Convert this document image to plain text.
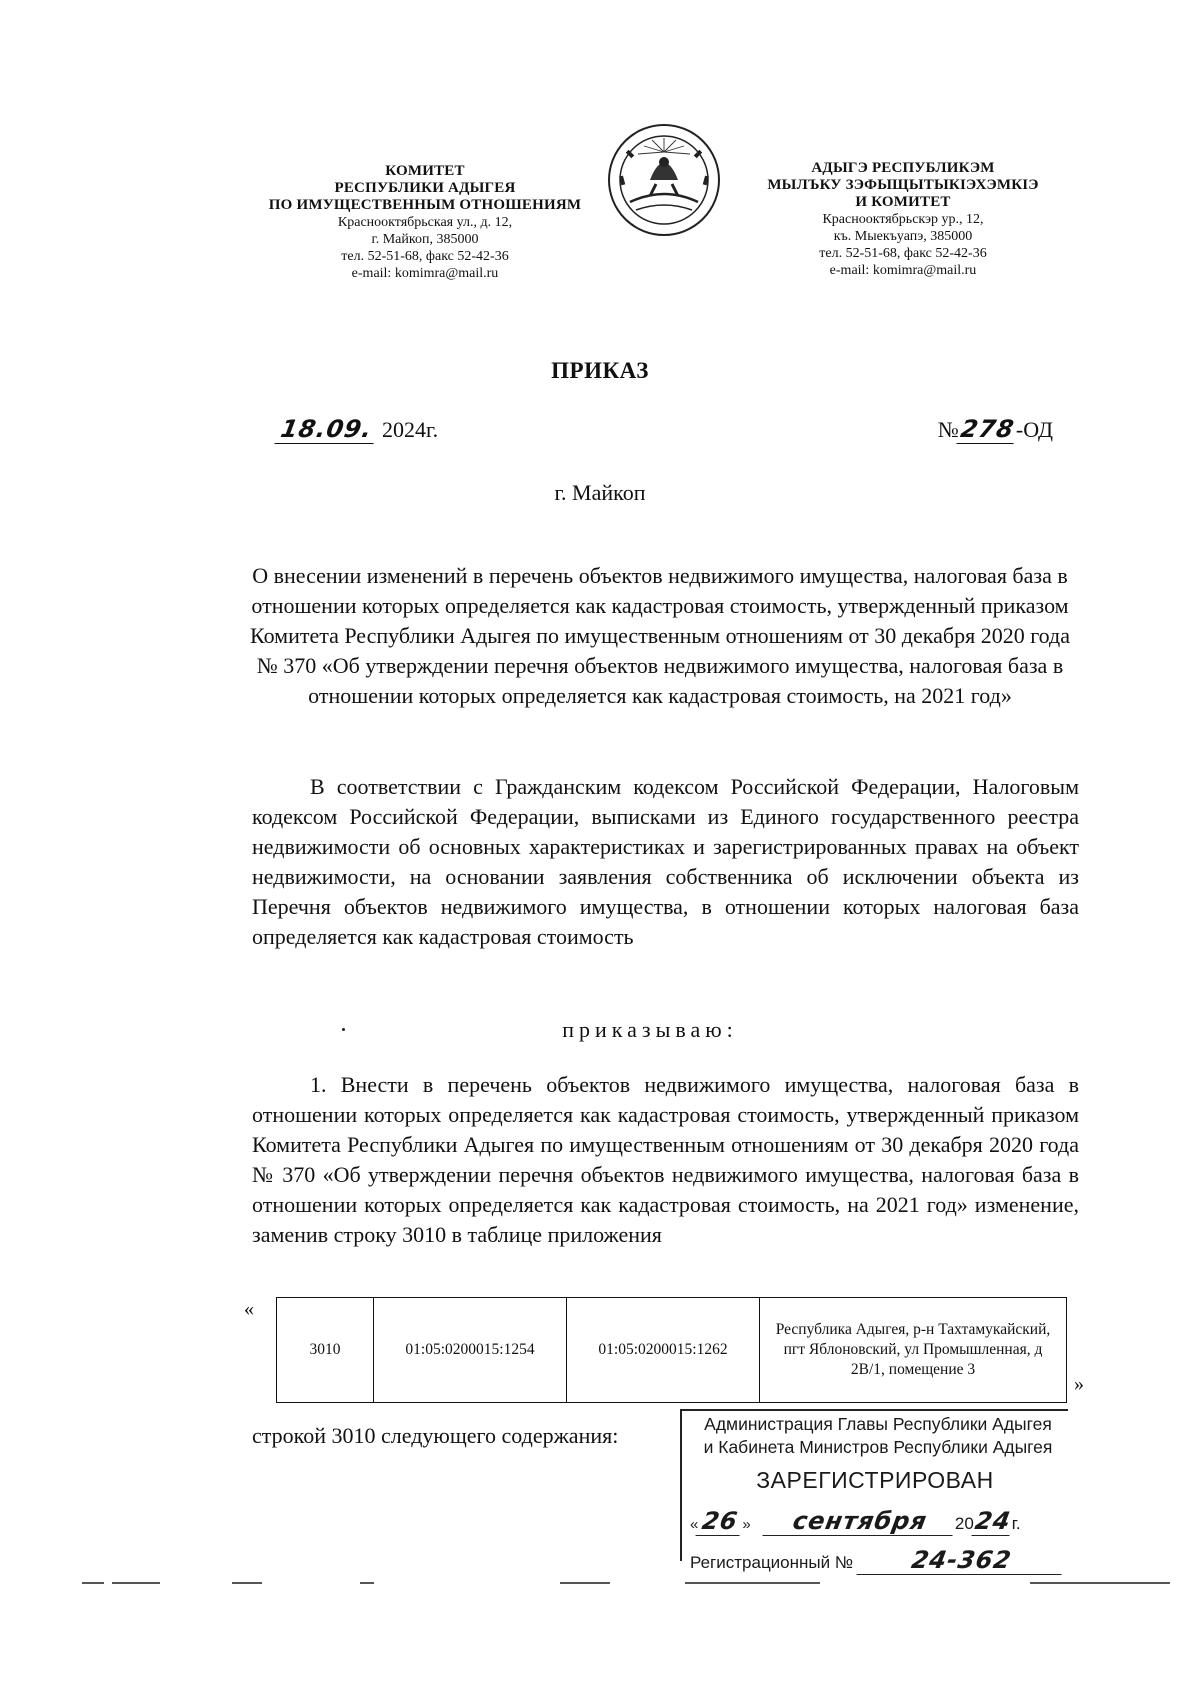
КОМИТЕТ
РЕСПУБЛИКИ АДЫГЕЯ
ПО ИМУЩЕСТВЕННЫМ ОТНОШЕНИЯМ
Краснооктябрьская ул., д. 12,
г. Майкоп, 385000
тел. 52-51-68, факс 52-42-36
e-mail: komimra@mail.ru
АДЫГЭ РЕСПУБЛИКЭМ
МЫЛЪКУ ЗЭФЫЩЫТЫКІЭХЭМКІЭ
И КОМИТЕТ
Краснооктябрьскэр ур., 12,
къ. Мыекъуапэ, 385000
тел. 52-51-68, факс 52-42-36
e-mail: komimra@mail.ru
ПРИКАЗ
18.09. 2024г.	№278-ОД
г. Майкоп
О внесении изменений в перечень объектов недвижимого имущества, налоговая база в отношении которых определяется как кадастровая стоимость, утвержденный приказом Комитета Республики Адыгея по имущественным отношениям от 30 декабря 2020 года № 370 «Об утверждении перечня объектов недвижимого имущества, налоговая база в отношении которых определяется как кадастровая стоимость, на 2021 год»
В соответствии с Гражданским кодексом Российской Федерации, Налоговым кодексом Российской Федерации, выписками из Единого государственного реестра недвижимости об основных характеристиках и зарегистрированных правах на объект недвижимости, на основании заявления собственника об исключении объекта из Перечня объектов недвижимого имущества, в отношении которых налоговая база определяется как кадастровая стоимость
приказываю:
1. Внести в перечень объектов недвижимого имущества, налоговая база в отношении которых определяется как кадастровая стоимость, утвержденный приказом Комитета Республики Адыгея по имущественным отношениям от 30 декабря 2020 года № 370 «Об утверждении перечня объектов недвижимого имущества, налоговая база в отношении которых определяется как кадастровая стоимость, на 2021 год» изменение, заменив строку 3010 в таблице приложения
«
3010	01:05:0200015:1254	01:05:0200015:1262	Республика Адыгея, р-н Тахтамукайский, пгт Яблоновский, ул Промышленная, д 2В/1, помещение 3
»
строкой 3010 следующего содержания:	Администрация Главы Республики Адыгея
и Кабинета Министров Республики Адыгея
ЗАРЕГИСТРИРОВАН
«26 » сентября 2024г.
Регистрационный № 24-362
